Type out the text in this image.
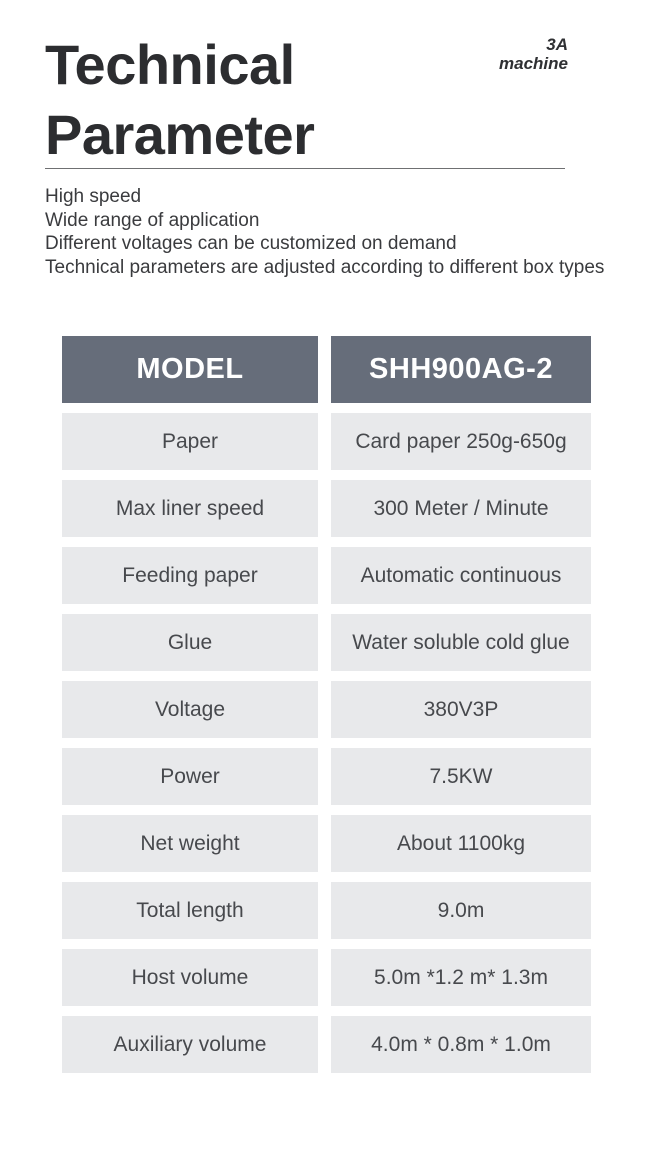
3A
machine
Technical
Parameter
High speed
Wide range of application
Different voltages can be customized on demand
Technical parameters are adjusted according to different box types
MODEL	SHH900AG-2
Paper	Card paper 250g-650g
Max liner speed	300 Meter / Minute
Feeding paper	Automatic continuous
Glue	Water soluble cold glue
Voltage	380V3P
Power	7.5KW
Net weight	About 1100kg
Total length	9.0m
Host volume	5.0m *1.2 m* 1.3m
Auxiliary volume	4.0m * 0.8m * 1.0m
